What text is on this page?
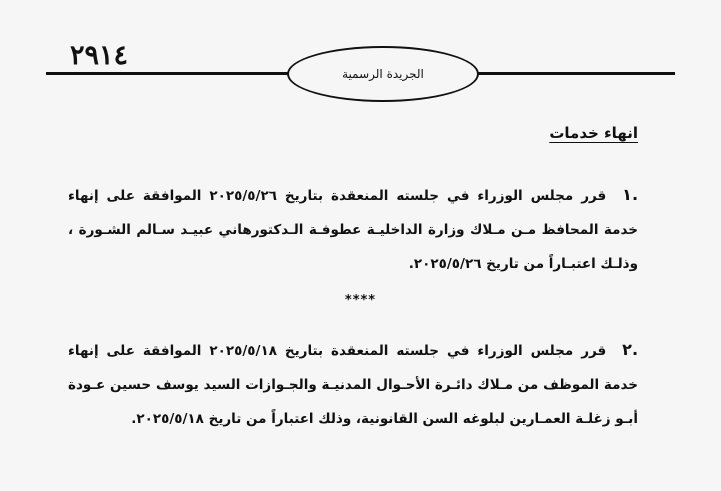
٢٩١٤
الجريدة الرسمية
انهاء خدمات
.١ قرر مجلس الوزراء في جلسته المنعقدة بتاريخ ٢٠٢٥/٥/٢٦ الموافقة على إنهاء خدمة المحافظ مـن مـلاك وزارة الداخليـة عطوفـة الـدكتورهاني عبيـد سـالم الشـورة ، وذلـك اعتبـاراً من تاريخ ٢٠٢٥/٥/٢٦.
****
.٢ قرر مجلس الوزراء في جلسته المنعقدة بتاريخ ٢٠٢٥/٥/١٨ الموافقة على إنهاء خدمة الموظف من مـلاك دائـرة الأحـوال المدنيـة والجـوازات السيد يوسف حسين عـودة أبـو زغلـة العمـارين لبلوغه السن القانونية، وذلك اعتباراً من تاريخ ٢٠٢٥/٥/١٨.
